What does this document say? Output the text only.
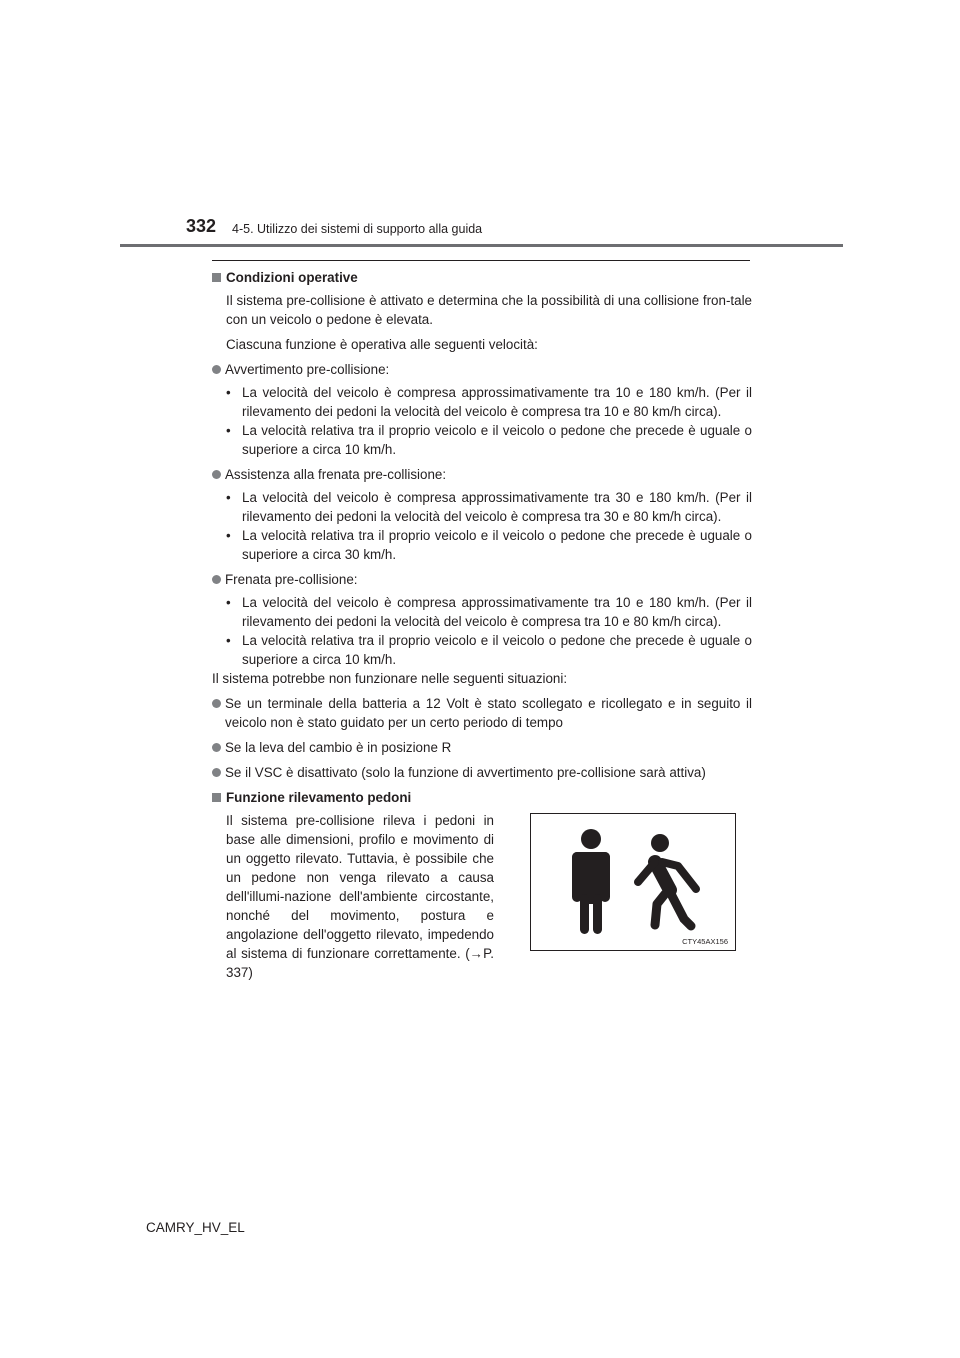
332 4-5. Utilizzo dei sistemi di supporto alla guida
Condizioni operative

Il sistema pre-collisione è attivato e determina che la possibilità di una collisione fron-tale con un veicolo o pedone è elevata.

Ciascuna funzione è operativa alle seguenti velocità:

Avvertimento pre-collisione:
• La velocità del veicolo è compresa approssimativamente tra 10 e 180 km/h. (Per il rilevamento dei pedoni la velocità del veicolo è compresa tra 10 e 80 km/h circa).
• La velocità relativa tra il proprio veicolo e il veicolo o pedone che precede è uguale o superiore a circa 10 km/h.
Assistenza alla frenata pre-collisione:
• La velocità del veicolo è compresa approssimativamente tra 30 e 180 km/h. (Per il rilevamento dei pedoni la velocità del veicolo è compresa tra 30 e 80 km/h circa).
• La velocità relativa tra il proprio veicolo e il veicolo o pedone che precede è uguale o superiore a circa 30 km/h.
Frenata pre-collisione:
• La velocità del veicolo è compresa approssimativamente tra 10 e 180 km/h. (Per il rilevamento dei pedoni la velocità del veicolo è compresa tra 10 e 80 km/h circa).
• La velocità relativa tra il proprio veicolo e il veicolo o pedone che precede è uguale o superiore a circa 10 km/h.

Il sistema potrebbe non funzionare nelle seguenti situazioni:

Se un terminale della batteria a 12 Volt è stato scollegato e ricollegato e in seguito il veicolo non è stato guidato per un certo periodo di tempo
Se la leva del cambio è in posizione R
Se il VSC è disattivato (solo la funzione di avvertimento pre-collisione sarà attiva)
Funzione rilevamento pedoni
Il sistema pre-collisione rileva i pedoni in base alle dimensioni, profilo e movimento di un oggetto rilevato. Tuttavia, è possibile che un pedone non venga rilevato a causa dell'illumi-nazione dell'ambiente circostante, nonché del movimento, postura e angolazione dell'oggetto rilevato, impedendo al sistema di funzionare correttamente. (→P. 337)
CTY45AX156
CAMRY_HV_EL
